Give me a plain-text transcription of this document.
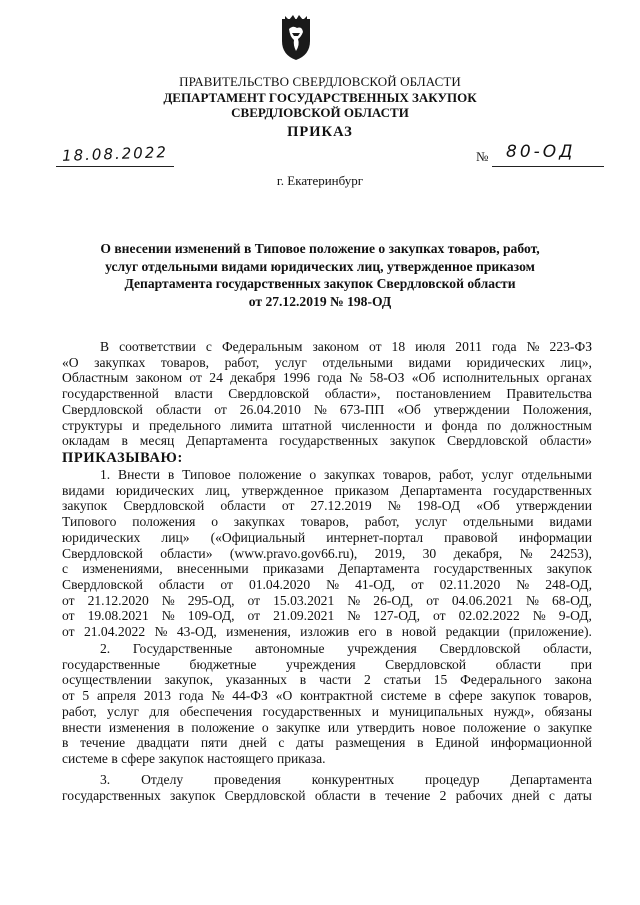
ПРАВИТЕЛЬСТВО СВЕРДЛОВСКОЙ ОБЛАСТИ
ДЕПАРТАМЕНТ ГОСУДАРСТВЕННЫХ ЗАКУПОК
СВЕРДЛОВСКОЙ ОБЛАСТИ
ПРИКАЗ
18.08.2022	№ 80-ОД
г. Екатеринбург
О внесении изменений в Типовое положение о закупках товаров, работ,
услуг отдельными видами юридических лиц, утвержденное приказом
Департамента государственных закупок Свердловской области
от 27.12.2019 № 198-ОД
В соответствии с Федеральным законом от 18 июля 2011 года № 223-ФЗ
«О закупках товаров, работ, услуг отдельными видами юридических лиц»,
Областным законом от 24 декабря 1996 года № 58-ОЗ «Об исполнительных органах
государственной власти Свердловской области», постановлением Правительства
Свердловской области от 26.04.2010 № 673-ПП «Об утверждении Положения,
структуры и предельного лимита штатной численности и фонда по должностным
окладам в месяц Департамента государственных закупок Свердловской области»
ПРИКАЗЫВАЮ:
1. Внести в Типовое положение о закупках товаров, работ, услуг отдельными
видами юридических лиц, утвержденное приказом Департамента государственных
закупок Свердловской области от 27.12.2019 № 198-ОД «Об утверждении
Типового положения о закупках товаров, работ, услуг отдельными видами
юридических лиц» («Официальный интернет-портал правовой информации
Свердловской области» (www.pravo.gov66.ru), 2019, 30 декабря, № 24253),
с изменениями, внесенными приказами Департамента государственных закупок
Свердловской области от 01.04.2020 № 41-ОД, от 02.11.2020 № 248-ОД,
от 21.12.2020 № 295-ОД, от 15.03.2021 № 26-ОД, от 04.06.2021 № 68-ОД,
от 19.08.2021 № 109-ОД, от 21.09.2021 № 127-ОД, от 02.02.2022 № 9-ОД,
от 21.04.2022 № 43-ОД, изменения, изложив его в новой редакции (приложение).
2. Государственные автономные учреждения Свердловской области,
государственные бюджетные учреждения Свердловской области при
осуществлении закупок, указанных в части 2 статьи 15 Федерального закона
от 5 апреля 2013 года № 44-ФЗ «О контрактной системе в сфере закупок товаров,
работ, услуг для обеспечения государственных и муниципальных нужд», обязаны
внести изменения в положение о закупке или утвердить новое положение о закупке
в течение двадцати пяти дней с даты размещения в Единой информационной
системе в сфере закупок настоящего приказа.
3. Отделу проведения конкурентных процедур Департамента
государственных закупок Свердловской области в течение 2 рабочих дней с даты
